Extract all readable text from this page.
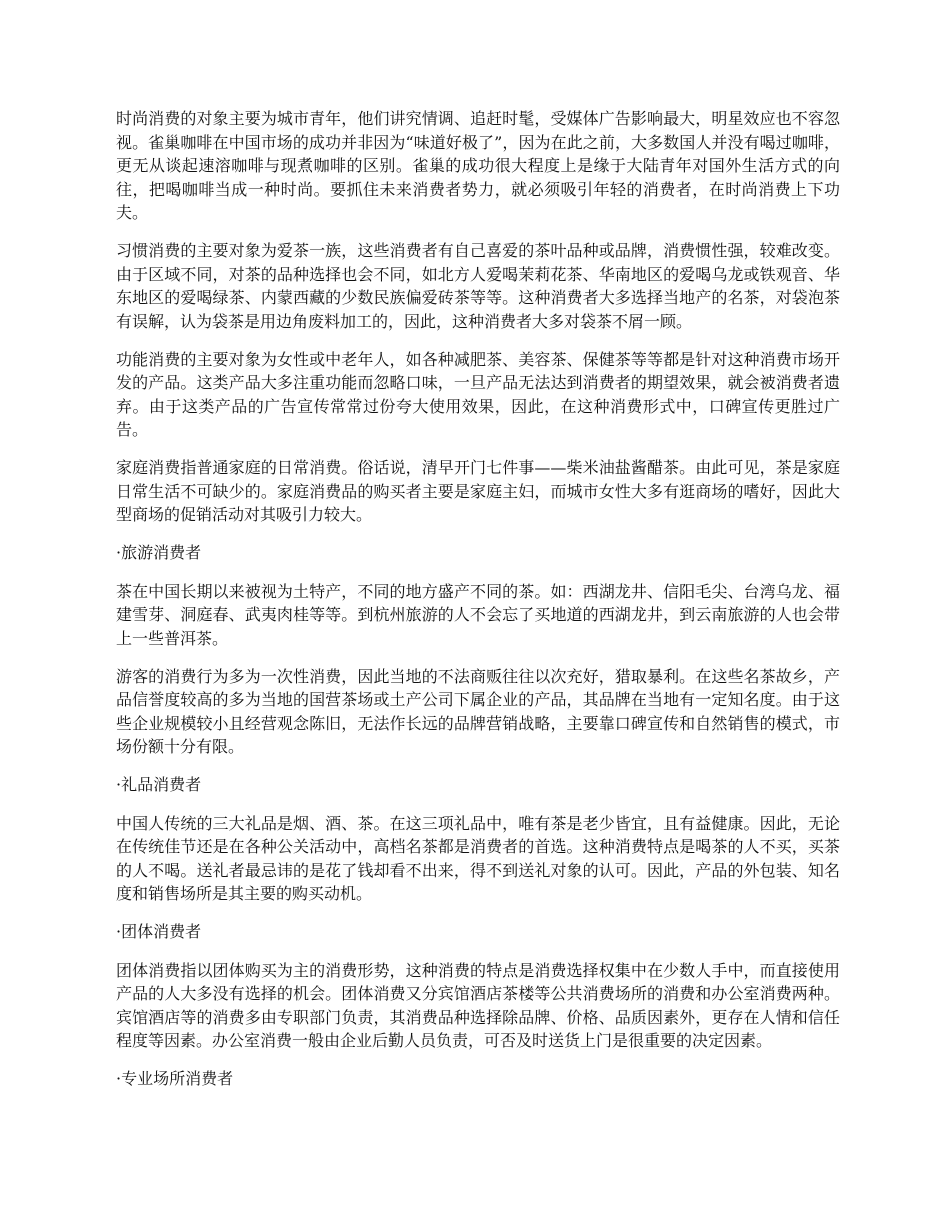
时尚消费的对象主要为城市青年，他们讲究情调、追赶时髦，受媒体广告影响最大，明星效应也不容忽视。雀巢咖啡在中国市场的成功并非因为“味道好极了”，因为在此之前，大多数国人并没有喝过咖啡，更无从谈起速溶咖啡与现煮咖啡的区别。雀巢的成功很大程度上是缘于大陆青年对国外生活方式的向往，把喝咖啡当成一种时尚。要抓住未来消费者势力，就必须吸引年轻的消费者，在时尚消费上下功夫。

习惯消费的主要对象为爱茶一族，这些消费者有自己喜爱的茶叶品种或品牌，消费惯性强，较难改变。由于区域不同，对茶的品种选择也会不同，如北方人爱喝茉莉花茶、华南地区的爱喝乌龙或铁观音、华东地区的爱喝绿茶、内蒙西藏的少数民族偏爱砖茶等等。这种消费者大多选择当地产的名茶，对袋泡茶有误解，认为袋茶是用边角废料加工的，因此，这种消费者大多对袋茶不屑一顾。

功能消费的主要对象为女性或中老年人，如各种减肥茶、美容茶、保健茶等等都是针对这种消费市场开发的产品。这类产品大多注重功能而忽略口味，一旦产品无法达到消费者的期望效果，就会被消费者遗弃。由于这类产品的广告宣传常常过份夸大使用效果，因此，在这种消费形式中，口碑宣传更胜过广告。

家庭消费指普通家庭的日常消费。俗话说，清早开门七件事——柴米油盐酱醋茶。由此可见，茶是家庭日常生活不可缺少的。家庭消费品的购买者主要是家庭主妇，而城市女性大多有逛商场的嗜好，因此大型商场的促销活动对其吸引力较大。

·旅游消费者

茶在中国长期以来被视为土特产，不同的地方盛产不同的茶。如：西湖龙井、信阳毛尖、台湾乌龙、福建雪芽、洞庭春、武夷肉桂等等。到杭州旅游的人不会忘了买地道的西湖龙井，到云南旅游的人也会带上一些普洱茶。

游客的消费行为多为一次性消费，因此当地的不法商贩往往以次充好，猎取暴利。在这些名茶故乡，产品信誉度较高的多为当地的国营茶场或土产公司下属企业的产品，其品牌在当地有一定知名度。由于这些企业规模较小且经营观念陈旧，无法作长远的品牌营销战略，主要靠口碑宣传和自然销售的模式，市场份额十分有限。

·礼品消费者

中国人传统的三大礼品是烟、酒、茶。在这三项礼品中，唯有茶是老少皆宜，且有益健康。因此，无论在传统佳节还是在各种公关活动中，高档名茶都是消费者的首选。这种消费特点是喝茶的人不买，买茶的人不喝。送礼者最忌讳的是花了钱却看不出来，得不到送礼对象的认可。因此，产品的外包装、知名度和销售场所是其主要的购买动机。

·团体消费者

团体消费指以团体购买为主的消费形势，这种消费的特点是消费选择权集中在少数人手中，而直接使用产品的人大多没有选择的机会。团体消费又分宾馆酒店茶楼等公共消费场所的消费和办公室消费两种。宾馆酒店等的消费多由专职部门负责，其消费品种选择除品牌、价格、品质因素外，更存在人情和信任程度等因素。办公室消费一般由企业后勤人员负责，可否及时送货上门是很重要的决定因素。

·专业场所消费者
